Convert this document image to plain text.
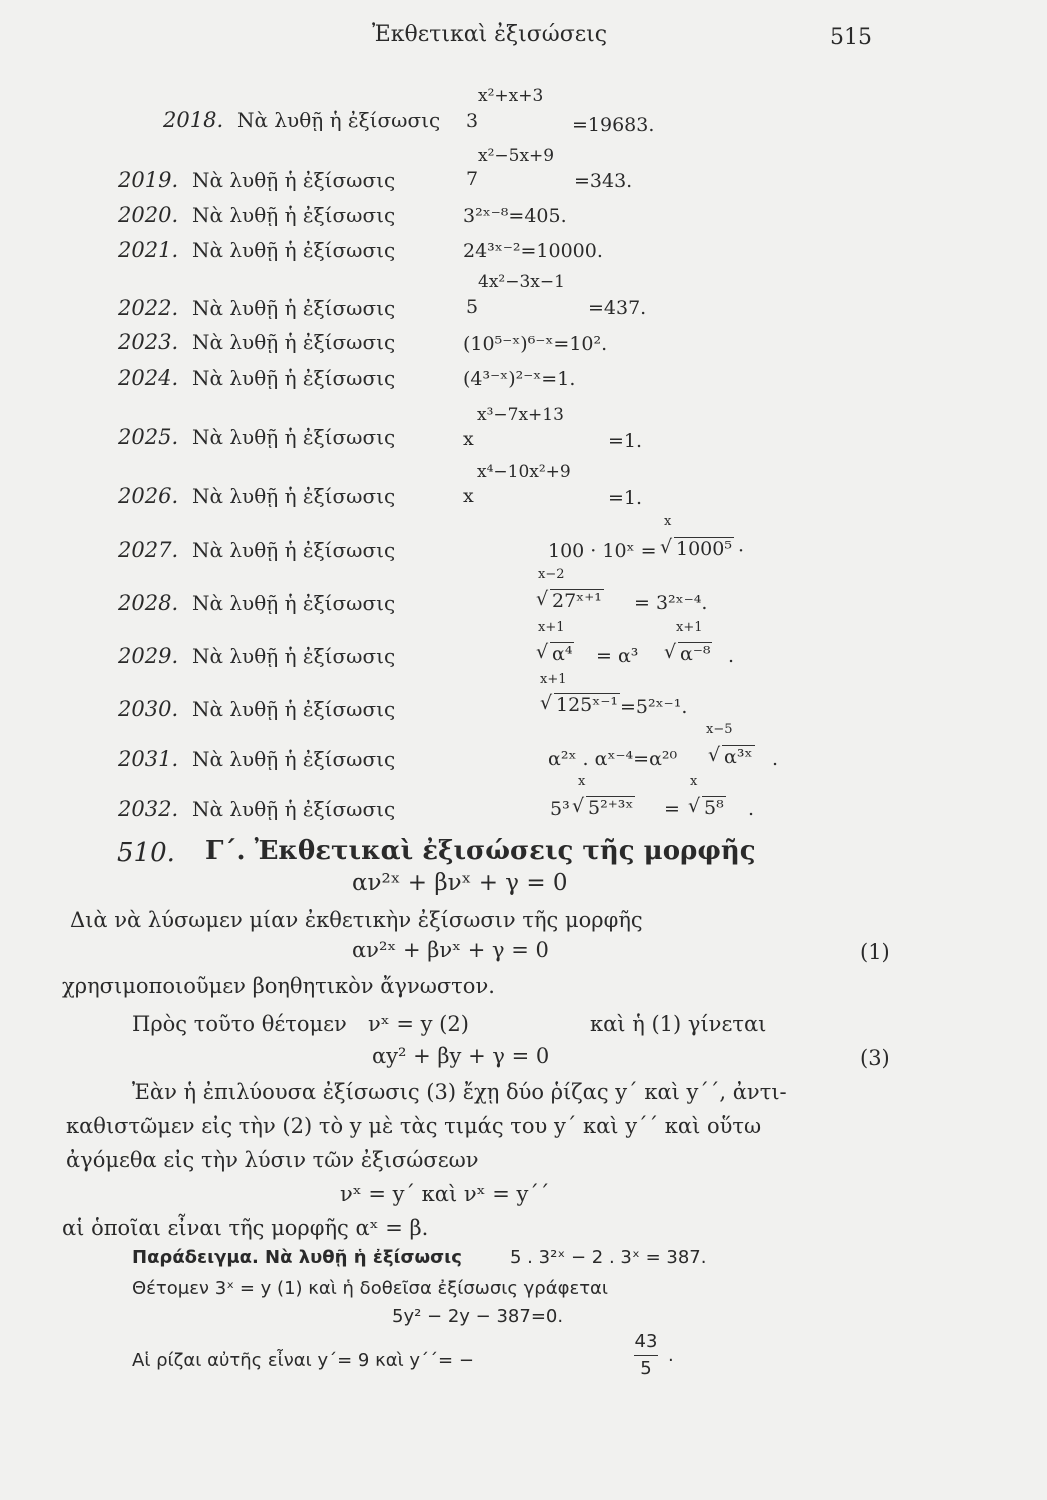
Ἐκθετικαὶ ἐξισώσεις	515
2018. Νὰ λυθῇ ἡ ἐξίσωσις
x²+x+3
3	=19683.
2019. Νὰ λυθῇ ἡ ἐξίσωσις
x²−5x+9
7	=343.
2020. Νὰ λυθῇ ἡ ἐξίσωσις	3²ˣ⁻⁸=405.
2021. Νὰ λυθῇ ἡ ἐξίσωσις	24³ˣ⁻²=10000.
2022. Νὰ λυθῇ ἡ ἐξίσωσις
4x²−3x−1
5	=437.
2023. Νὰ λυθῇ ἡ ἐξίσωσις	(10⁵⁻ˣ)⁶⁻ˣ=10².
2024. Νὰ λυθῇ ἡ ἐξίσωσις	(4³⁻ˣ)²⁻ˣ=1.
2025. Νὰ λυθῇ ἡ ἐξίσωσις	x
x³−7x+13
=1.
2026. Νὰ λυθῇ ἡ ἐξίσωσις	x
x⁴−10x²+9
=1.
2027. Νὰ λυθῇ ἡ ἐξίσωσις	100 · 10ˣ =
x
√ 1000⁵ ·
2028. Νὰ λυθῇ ἡ ἐξίσωσις
x−2
√ 27ˣ⁺¹ = 3²ˣ⁻⁴.
2029. Νὰ λυθῇ ἡ ἐξίσωσις
x+1
√ α⁴ = α³
x+1
√ α⁻⁸ .
2030. Νὰ λυθῇ ἡ ἐξίσωσις
x+1
√ 125ˣ⁻¹ =5²ˣ⁻¹.
2031. Νὰ λυθῇ ἡ ἐξίσωσις	α²ˣ . αˣ⁻⁴=α²⁰
x−5
√ α³ˣ .
2032. Νὰ λυθῇ ἡ ἐξίσωσις	5³
x
√ 5²⁺³ˣ =
x
√ 5⁸ .
510. Γ΄. Ἐκθετικαὶ ἐξισώσεις τῆς μορφῆς
αν²ˣ + βνˣ + γ = 0
Διὰ νὰ λύσωμεν μίαν ἐκθετικὴν ἐξίσωσιν τῆς μορφῆς
αν²ˣ + βνˣ + γ = 0	(1)
χρησιμοποιοῦμεν βοηθητικὸν ἄγνωστον.
Πρὸς τοῦτο θέτομεν νˣ = y (2)	καὶ ἡ (1) γίνεται
αy² + βy + γ = 0	(3)
Ἐὰν ἡ ἐπιλύουσα ἐξίσωσις (3) ἔχῃ δύο ῥίζας y΄ καὶ y΄΄, ἀντι-
καθιστῶμεν εἰς τὴν (2) τὸ y μὲ τὰς τιμάς του y΄ καὶ y΄΄ καὶ οὕτω
ἀγόμεθα εἰς τὴν λύσιν τῶν ἐξισώσεων
νˣ = y΄ καὶ νˣ = y΄΄
αἱ ὁποῖαι εἶναι τῆς μορφῆς αˣ = β.
Παράδειγμα. Νὰ λυθῇ ἡ ἐξίσωσις	5 . 3²ˣ − 2 . 3ˣ = 387.
Θέτομεν 3ˣ = y (1) καὶ ἡ δοθεῖσα ἐξίσωσις γράφεται
5y² − 2y − 387=0.
Αἱ ρίζαι αὐτῆς εἶναι y΄= 9 καὶ y΄΄= −
43
5 ·
